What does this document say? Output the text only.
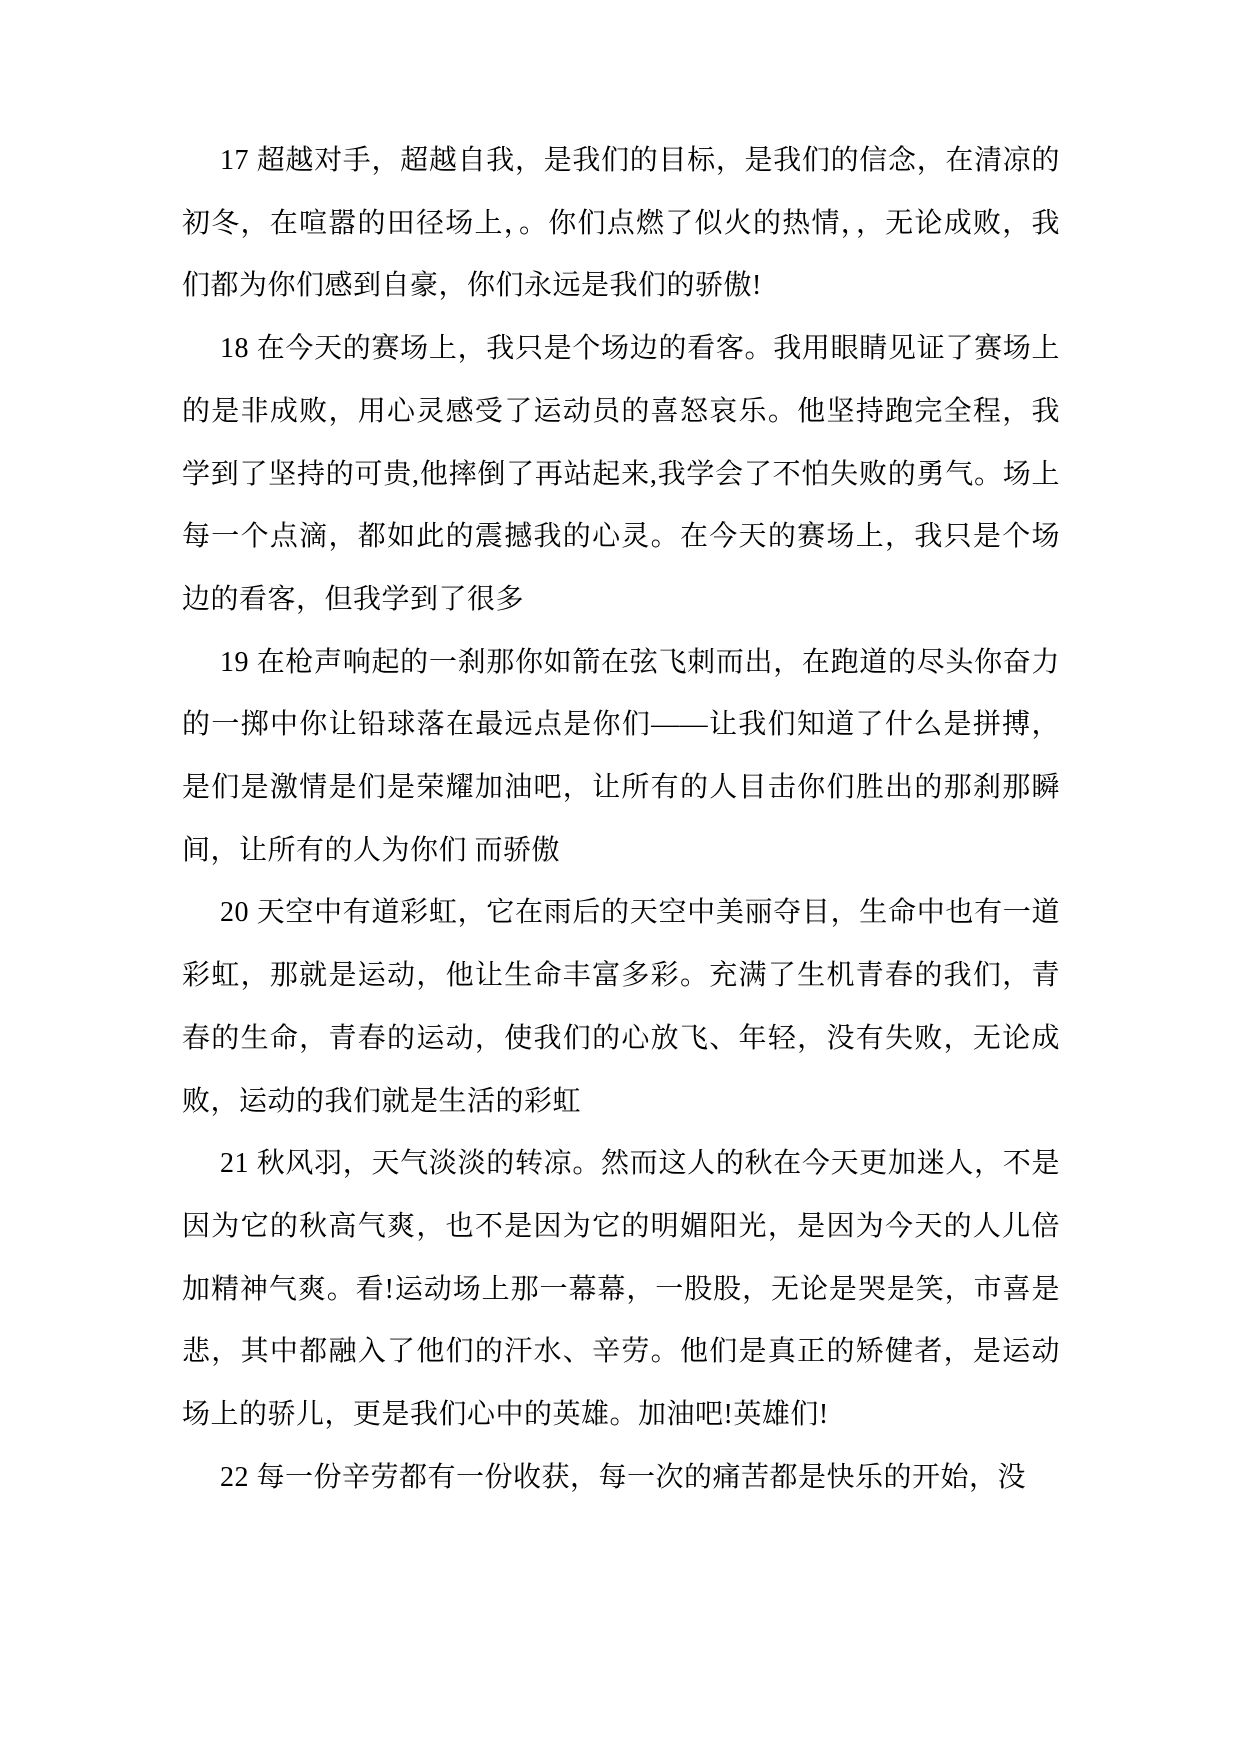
17 超越对手，超越自我，是我们的目标，是我们的信念，在清凉的初冬，在喧嚣的田径场上，。你们点燃了似火的热情，，无论成败，我们都为你们感到自豪，你们永远是我们的骄傲!

18 在今天的赛场上，我只是个场边的看客。我用眼睛见证了赛场上的是非成败，用心灵感受了运动员的喜怒哀乐。他坚持跑完全程，我学到了坚持的可贵,他摔倒了再站起来,我学会了不怕失败的勇气。场上每一个点滴，都如此的震撼我的心灵。在今天的赛场上，我只是个场边的看客，但我学到了很多

19 在枪声响起的一刹那你如箭在弦飞刺而出，在跑道的尽头你奋力的一掷中你让铅球落在最远点是你们——让我们知道了什么是拼搏，是们是激情是们是荣耀加油吧，让所有的人目击你们胜出的那刹那瞬间，让所有的人为你们 而骄傲

20 天空中有道彩虹，它在雨后的天空中美丽夺目，生命中也有一道彩虹，那就是运动，他让生命丰富多彩。充满了生机青春的我们，青春的生命，青春的运动，使我们的心放飞、年轻，没有失败，无论成败，运动的我们就是生活的彩虹

21 秋风羽，天气淡淡的转凉。然而这人的秋在今天更加迷人，不是因为它的秋高气爽，也不是因为它的明媚阳光，是因为今天的人儿倍加精神气爽。看!运动场上那一幕幕，一股股，无论是哭是笑，市喜是悲，其中都融入了他们的汗水、辛劳。他们是真正的矫健者，是运动场上的骄儿，更是我们心中的英雄。加油吧!英雄们!

22 每一份辛劳都有一份收获，每一次的痛苦都是快乐的开始，没
